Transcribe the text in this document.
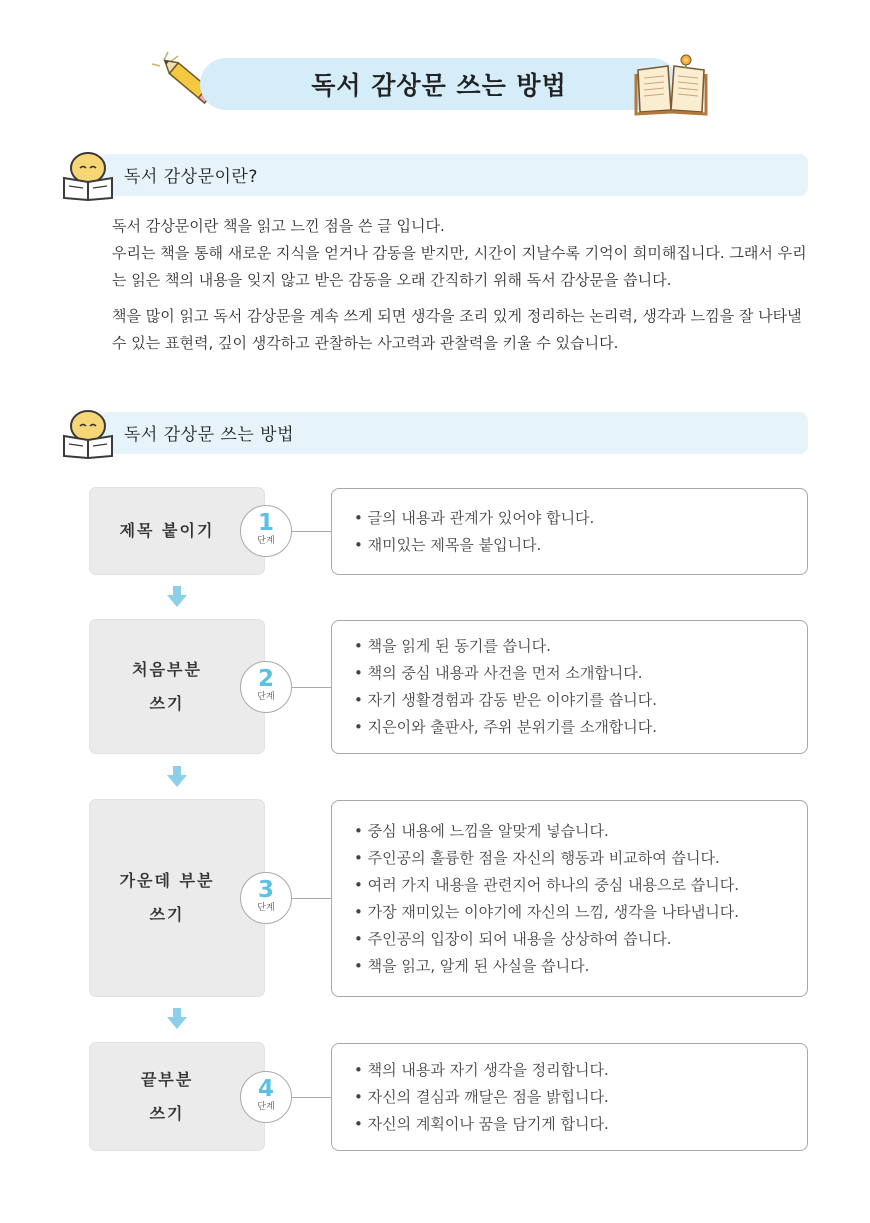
독서 감상문 쓰는 방법
독서 감상문이란?

독서 감상문이란 책을 읽고 느낀 점을 쓴 글 입니다.

우리는 책을 통해 새로운 지식을 얻거나 감동을 받지만, 시간이 지날수록 기억이 희미해집니다. 그래서 우리는 읽은 책의 내용을 잊지 않고 받은 감동을 오래 간직하기 위해 독서 감상문을 씁니다.

책을 많이 읽고 독서 감상문을 계속 쓰게 되면 생각을 조리 있게 정리하는 논리력, 생각과 느낌을 잘 나타낼 수 있는 표현력, 깊이 생각하고 관찰하는 사고력과 관찰력을 키울 수 있습니다.

독서 감상문 쓰는 방법
제목 붙이기	1
단계
• 글의 내용과 관계가 있어야 합니다.
• 재미있는 제목을 붙입니다.
처음부분
쓰기
2
단계
• 책을 읽게 된 동기를 씁니다.
• 책의 중심 내용과 사건을 먼저 소개합니다.
• 자기 생활경험과 감동 받은 이야기를 씁니다.
• 지은이와 출판사, 주위 분위기를 소개합니다.
가운데 부분
쓰기
3
단계
• 중심 내용에 느낌을 알맞게 넣습니다.
• 주인공의 훌륭한 점을 자신의 행동과 비교하여 씁니다.
• 여러 가지 내용을 관련지어 하나의 중심 내용으로 씁니다.
• 가장 재미있는 이야기에 자신의 느낌, 생각을 나타냅니다.
• 주인공의 입장이 되어 내용을 상상하여 씁니다.
• 책을 읽고, 알게 된 사실을 씁니다.
끝부분
쓰기
4
단계
• 책의 내용과 자기 생각을 정리합니다.
• 자신의 결심과 깨달은 점을 밝힙니다.
• 자신의 계획이나 꿈을 담기게 합니다.
